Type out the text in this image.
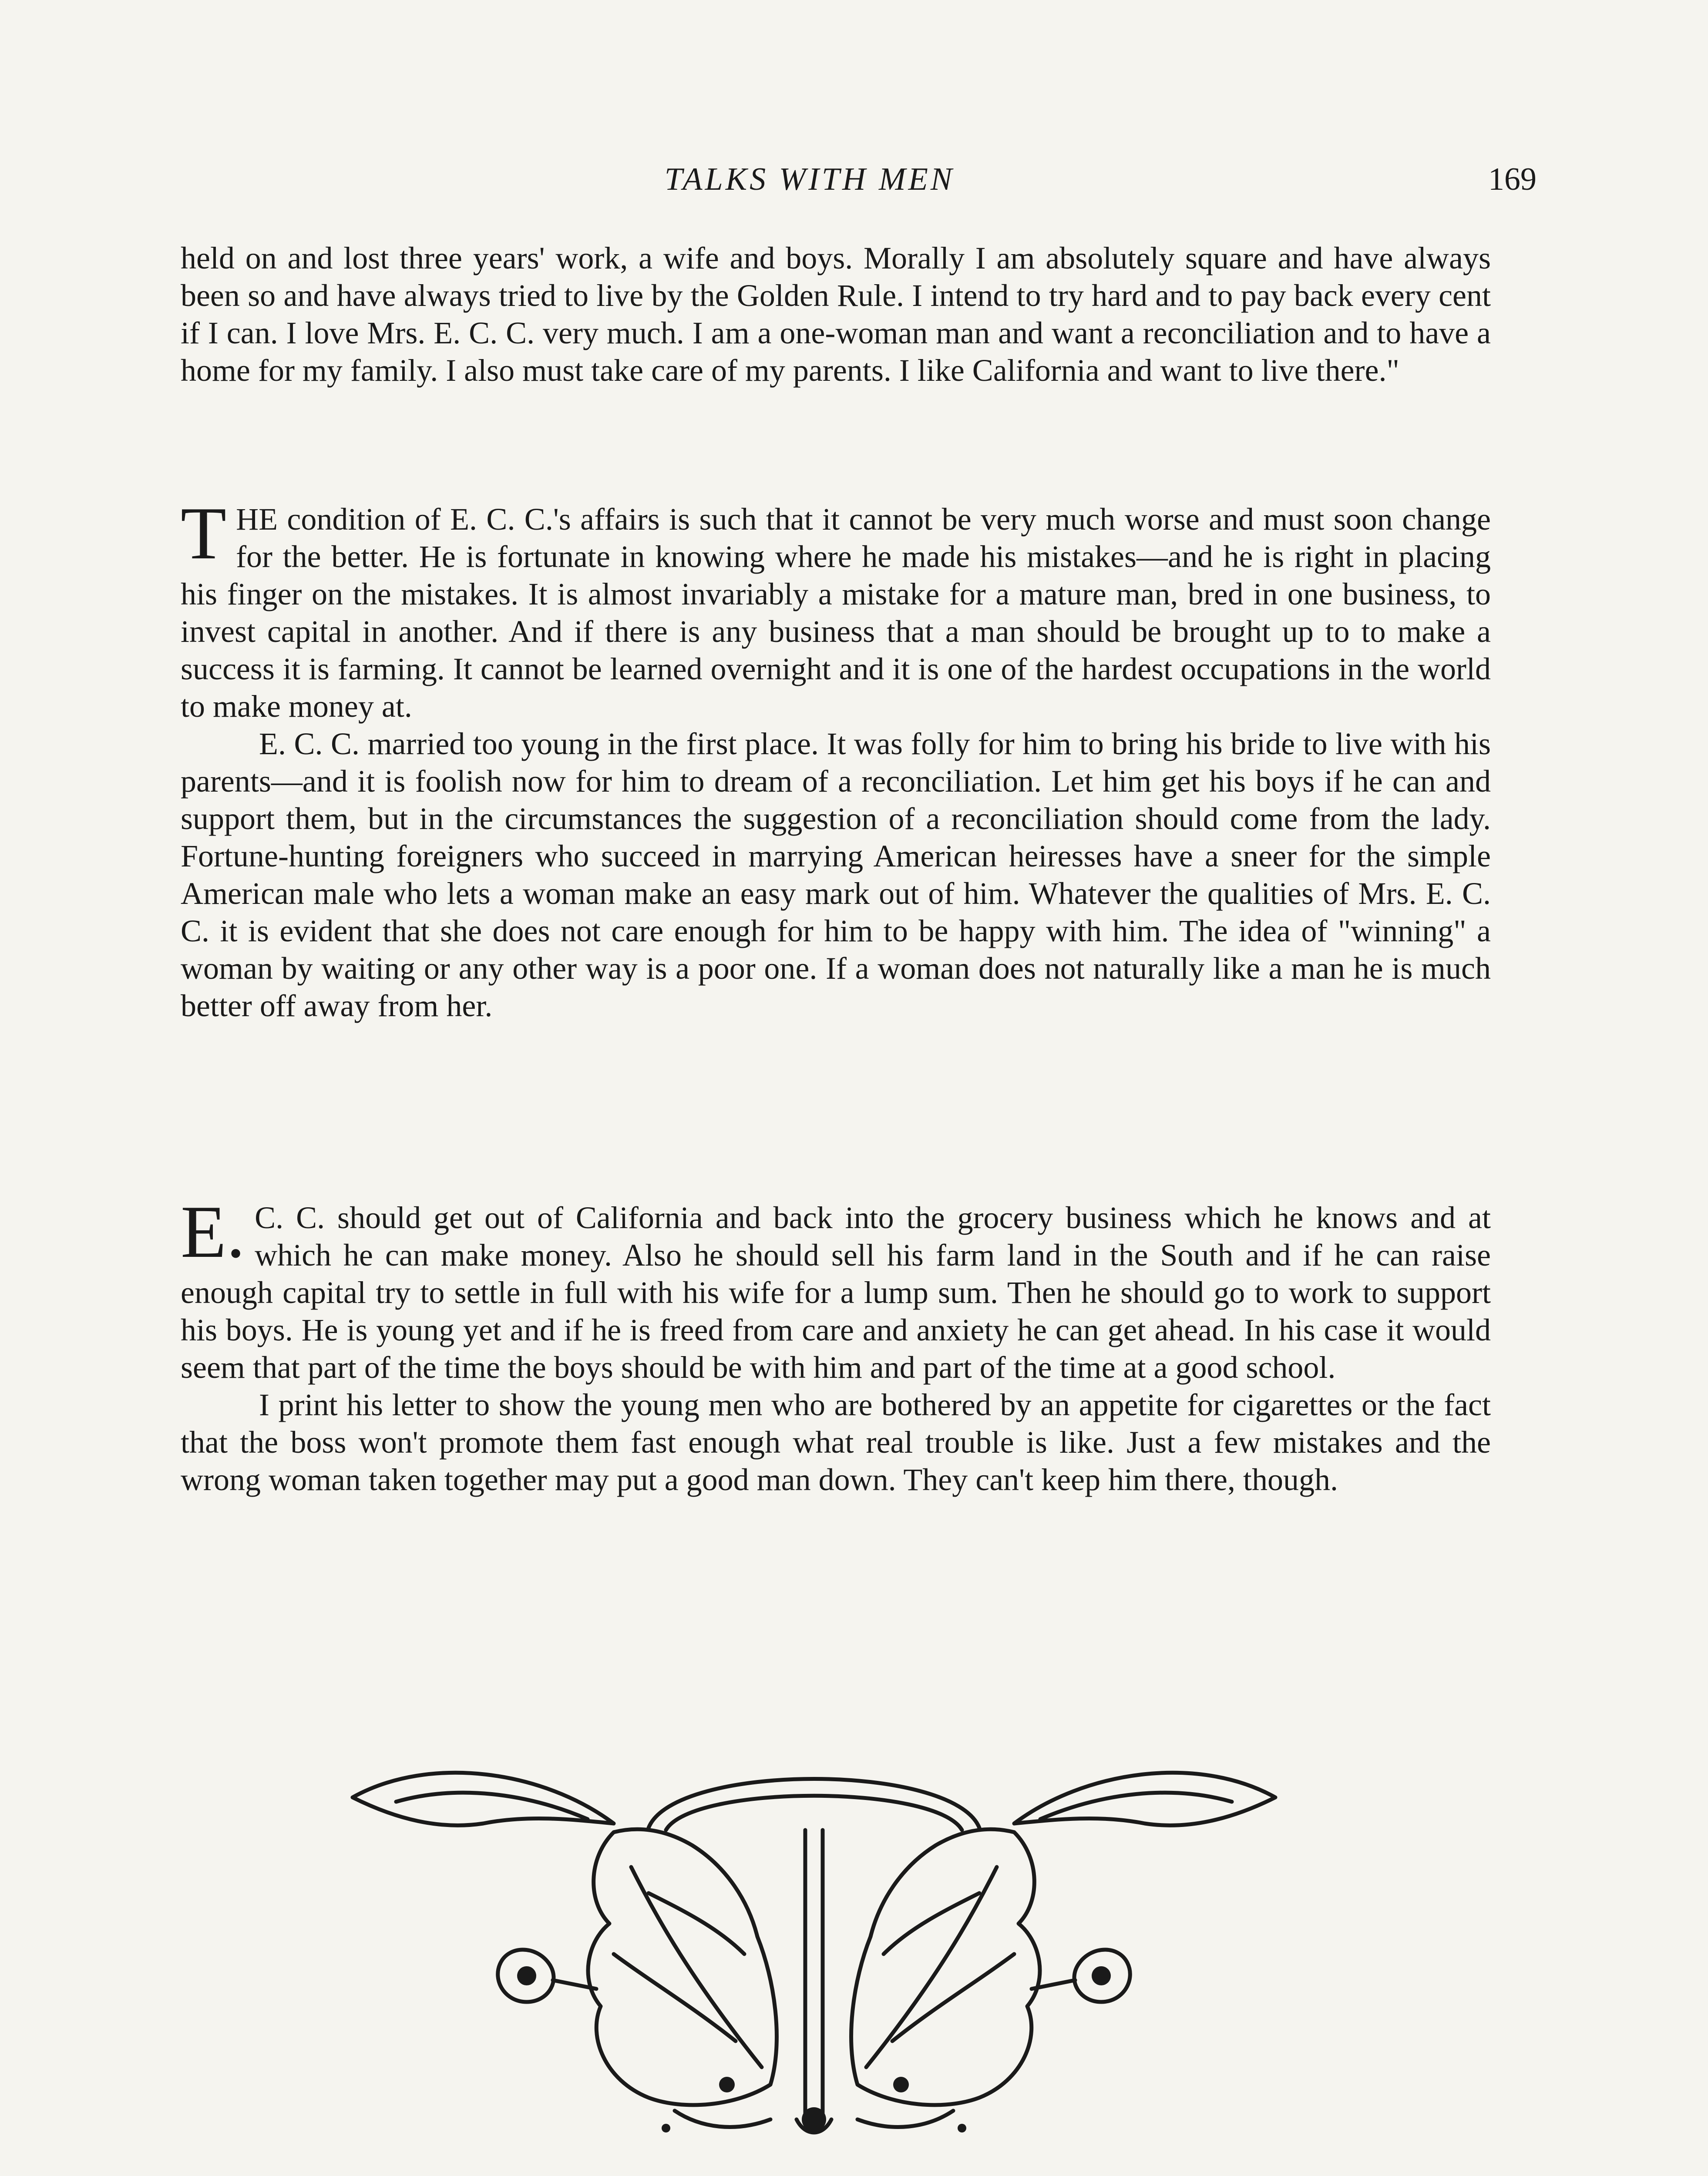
TALKS WITH MEN	169

held on and lost three years' work, a wife and boys. Morally I am absolutely square and have always been so and have always tried to live by the Golden Rule. I intend to try hard and to pay back every cent if I can. I love Mrs. E. C. C. very much. I am a one-woman man and want a reconciliation and to have a home for my family. I also must take care of my parents. I like California and want to live there."

THE condition of E. C. C.'s affairs is such that it cannot be very much worse and must soon change for the better. He is fortunate in knowing where he made his mistakes—and he is right in placing his finger on the mistakes. It is almost invariably a mistake for a mature man, bred in one business, to invest capital in another. And if there is any business that a man should be brought up to to make a success it is farming. It cannot be learned overnight and it is one of the hardest occupations in the world to make money at.

E. C. C. married too young in the first place. It was folly for him to bring his bride to live with his parents—and it is foolish now for him to dream of a reconciliation. Let him get his boys if he can and support them, but in the circumstances the suggestion of a reconciliation should come from the lady. Fortune-hunting foreigners who succeed in marrying American heiresses have a sneer for the simple American male who lets a woman make an easy mark out of him. Whatever the qualities of Mrs. E. C. C. it is evident that she does not care enough for him to be happy with him. The idea of "winning" a woman by waiting or any other way is a poor one. If a woman does not naturally like a man he is much better off away from her.

E. C. C. should get out of California and back into the grocery business which he knows and at which he can make money. Also he should sell his farm land in the South and if he can raise enough capital try to settle in full with his wife for a lump sum. Then he should go to work to support his boys. He is young yet and if he is freed from care and anxiety he can get ahead. In his case it would seem that part of the time the boys should be with him and part of the time at a good school.

I print his letter to show the young men who are bothered by an appetite for cigarettes or the fact that the boss won't promote them fast enough what real trouble is like. Just a few mistakes and the wrong woman taken together may put a good man down. They can't keep him there, though.
